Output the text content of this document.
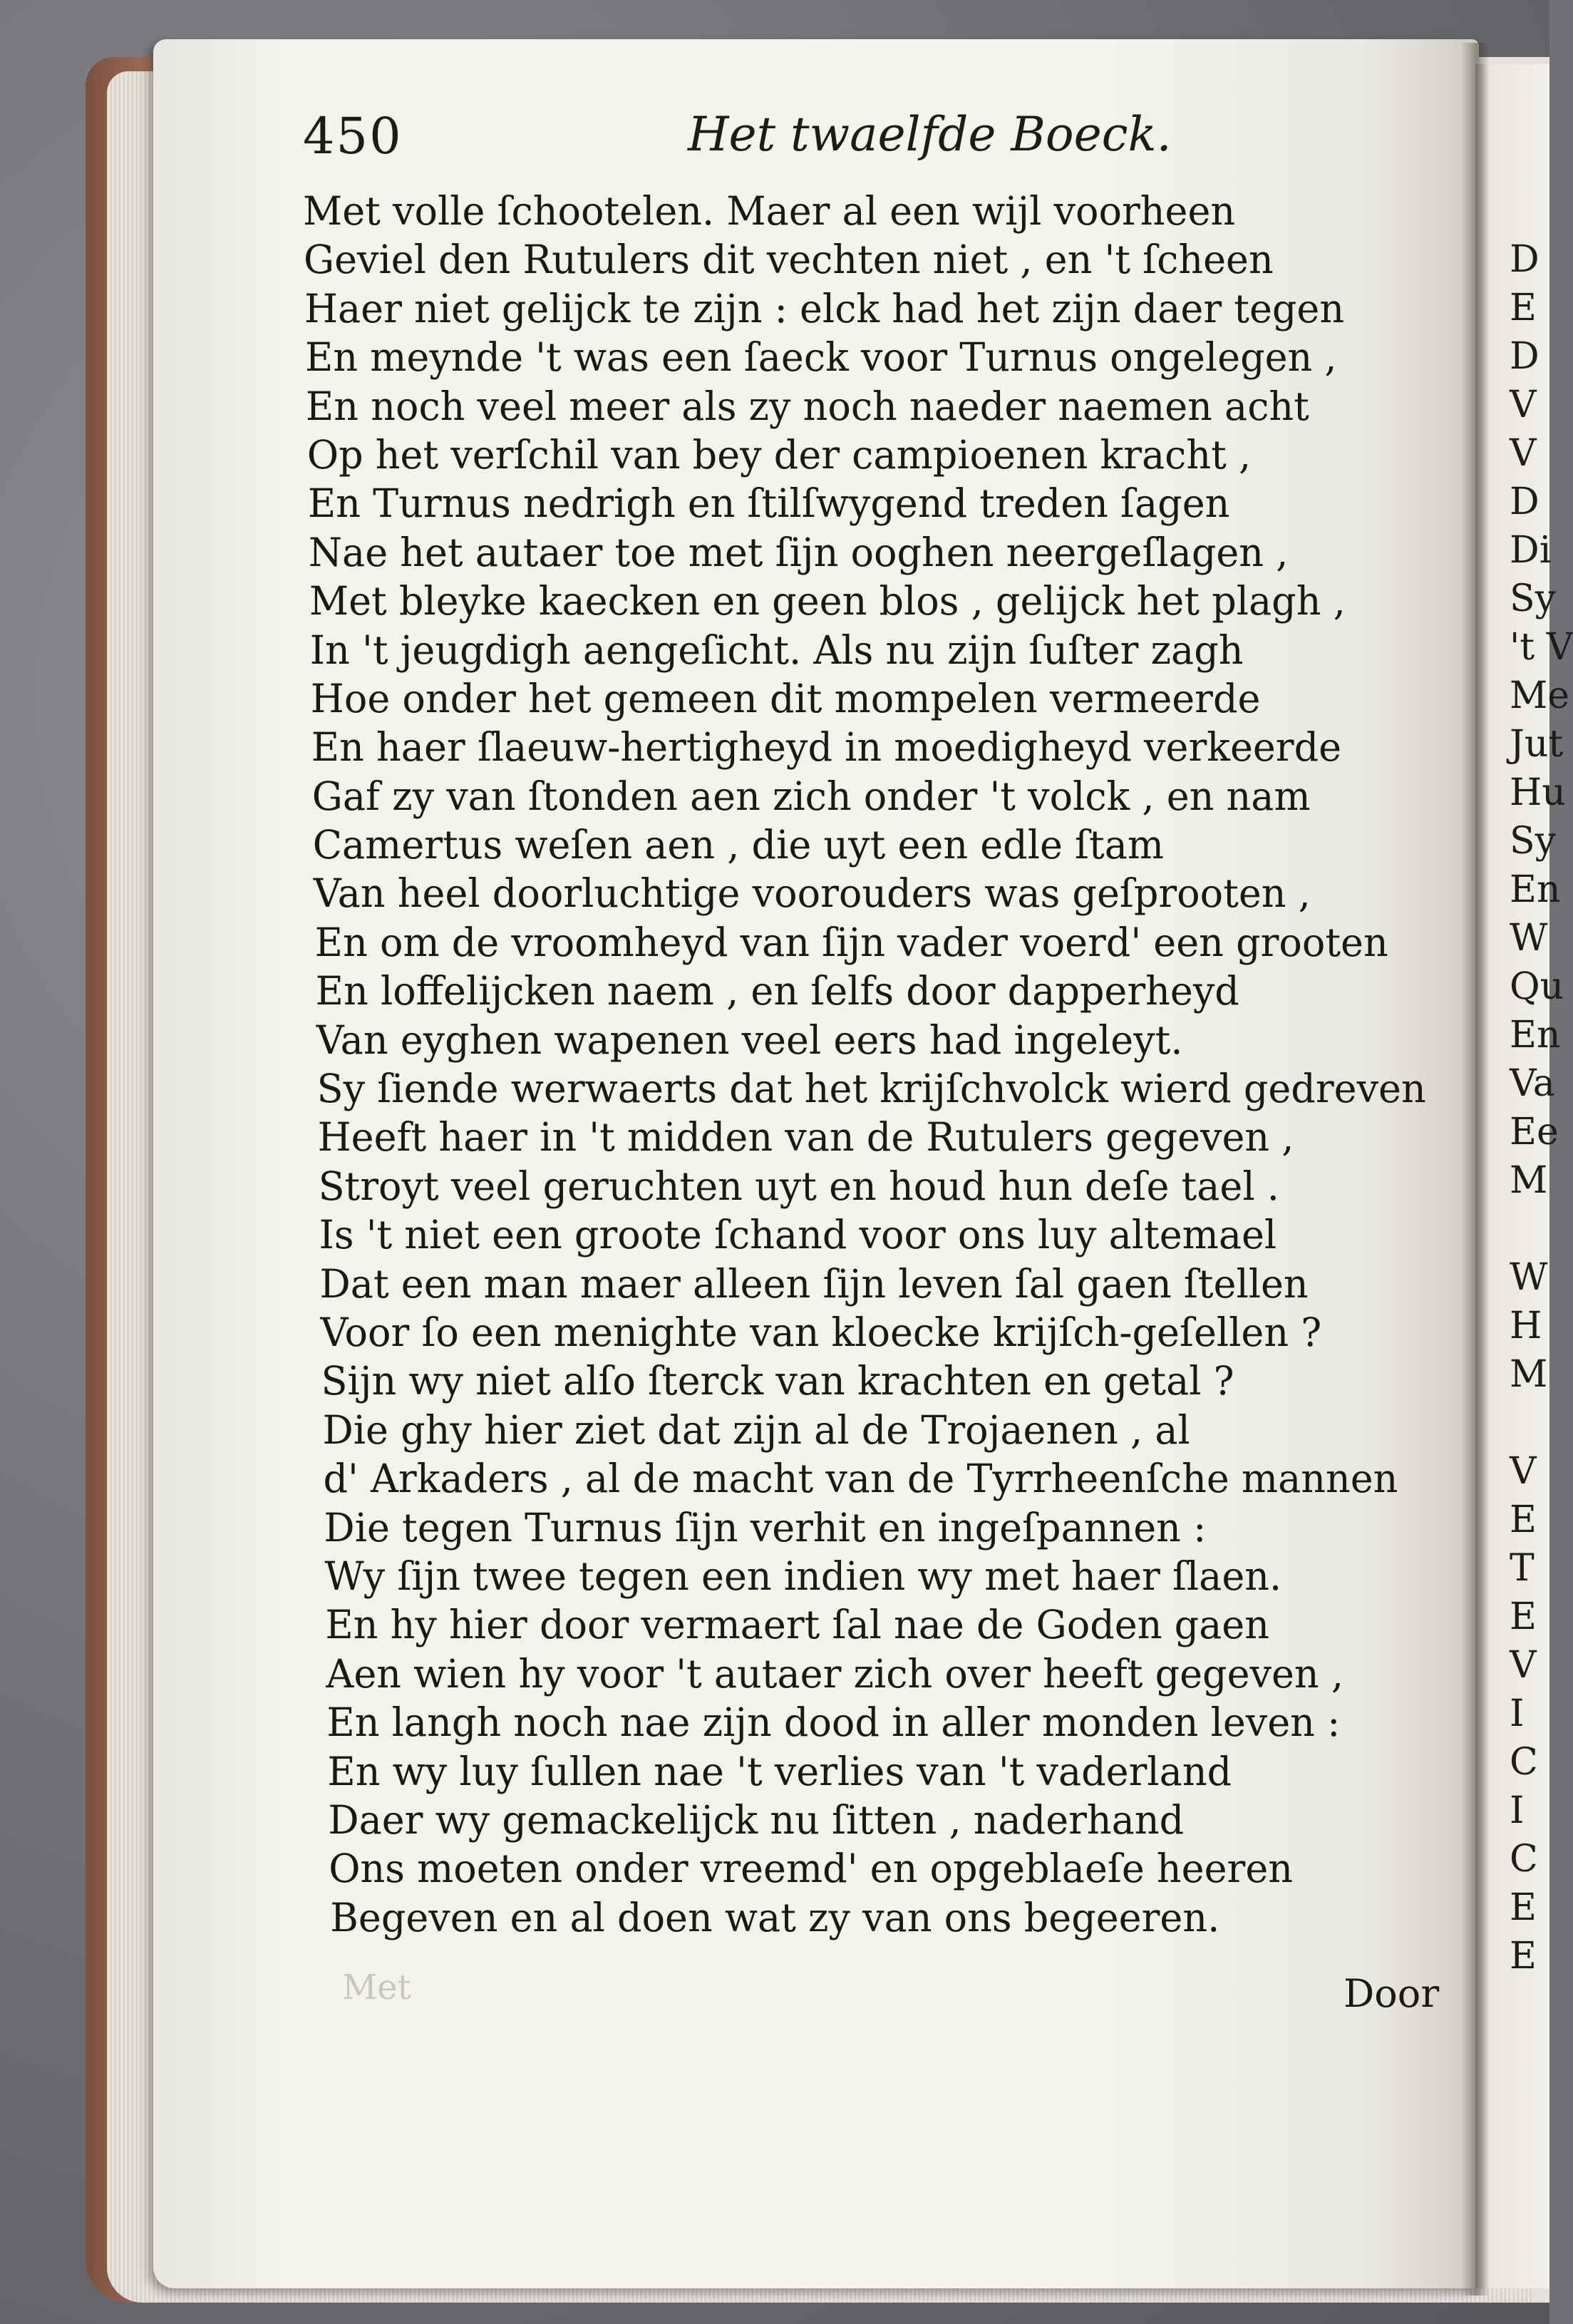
450	Het twaelfde Boeck.
Met volle ſchootelen. Maer al een wijl voorheen
Geviel den Rutulers dit vechten niet , en 't ſcheen
Haer niet gelijck te zijn : elck had het zijn daer tegen
En meynde 't was een ſaeck voor Turnus ongelegen ,
En noch veel meer als zy noch naeder naemen acht
Op het verſchil van bey der campioenen kracht ,
En Turnus nedrigh en ſtilſwygend treden ſagen
Nae het autaer toe met ſijn ooghen neergeſlagen ,
Met bleyke kaecken en geen blos , gelijck het plagh ,
In 't jeugdigh aengeſicht. Als nu zijn ſuſter zagh
Hoe onder het gemeen dit mompelen vermeerde
En haer ſlaeuw-hertigheyd in moedigheyd verkeerde
Gaf zy van ſtonden aen zich onder 't volck , en nam
Camertus weſen aen , die uyt een edle ſtam
Van heel doorluchtige voorouders was geſprooten ,
En om de vroomheyd van ſijn vader voerd' een grooten
En loffelijcken naem , en ſelfs door dapperheyd
Van eyghen wapenen veel eers had ingeleyt.
Sy ſiende werwaerts dat het krijſchvolck wierd gedreven
Heeft haer in 't midden van de Rutulers gegeven ,
Stroyt veel geruchten uyt en houd hun deſe tael .
Is 't niet een groote ſchand voor ons luy altemael
Dat een man maer alleen ſijn leven ſal gaen ſtellen
Voor ſo een menighte van kloecke krijſch-geſellen ?
Sijn wy niet alſo ſterck van krachten en getal ?
Die ghy hier ziet dat zijn al de Trojaenen , al
d' Arkaders , al de macht van de Tyrrheenſche mannen
Die tegen Turnus ſijn verhit en ingeſpannen :
Wy ſijn twee tegen een indien wy met haer ſlaen.
En hy hier door vermaert ſal nae de Goden gaen
Aen wien hy voor 't autaer zich over heeft gegeven ,
En langh noch nae zijn dood in aller monden leven :
En wy luy ſullen nae 't verlies van 't vaderland
Daer wy gemackelijck nu ſitten , naderhand
Ons moeten onder vreemd' en opgeblaeſe heeren
Begeven en al doen wat zy van ons begeeren.
Met	Door
D
E
D
V
V
D
Di
Sy
't V
Me
Jut
Hu
Sy
En
W
Qu
En
Va
Ee
M
W
H
M
V
E
T
E
V
I
C
I
C
E
E
